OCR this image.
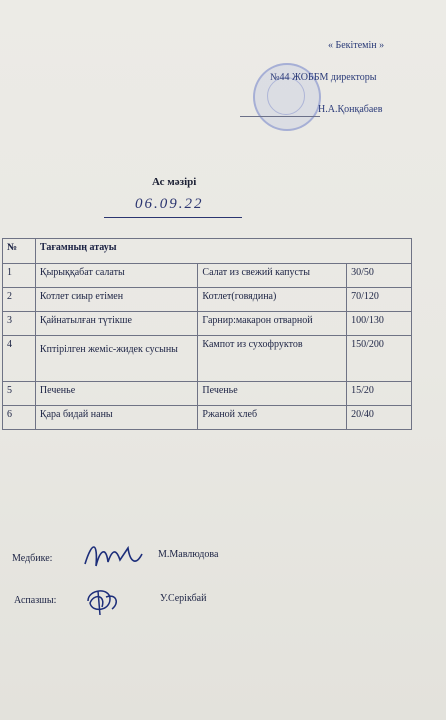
« Бекітемін »
№44 ЖОББМ директоры
Н.А.Қонқабаев
Ас мәзірі
06.09.22
№	Тағамның атауы		
1	Қырыққабат салаты	Салат из свежий капусты	30/50
2	Котлет сиыр етімен	Котлет(говядина)	70/120
3	Қайнатылған түтікше	Гарнир:макарон отварной	100/130
4	Кптірілген жеміс-жидек сусыны	Кампот из сухофруктов	150/200
5	Печенье	Печенье	15/20
6	Қара бидай наны	Ржаной хлеб	20/40
Медбике:	М.Мавлюдова
Аспазшы:	У.Серікбай
